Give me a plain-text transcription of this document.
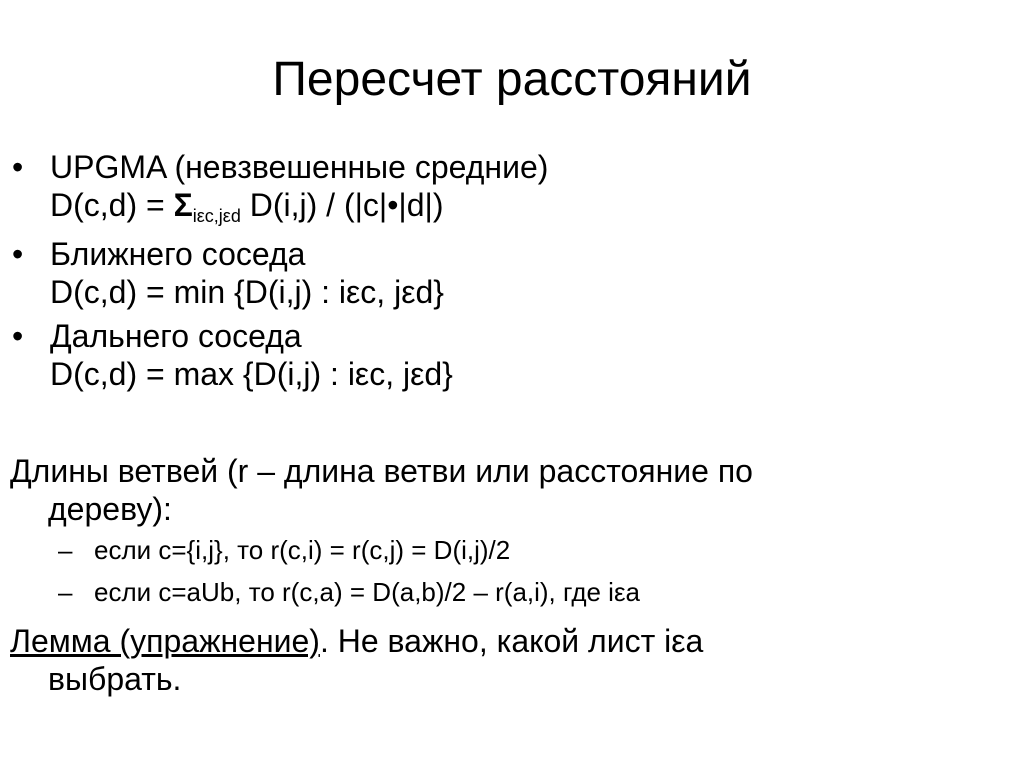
Пересчет расстояний
• UPGMA (невзвешенные средние)
D(c,d) = Σiεc,jεd D(i,j) / (|c|•|d|)
• Ближнего соседа
D(c,d) = min {D(i,j) : iεc, jεd}
• Дальнего соседа
D(c,d) = max {D(i,j) : iεc, jεd}
Длины ветвей (r – длина ветви или расстояние по
дереву):
– если c={i,j}, то r(c,i) = r(c,j) = D(i,j)/2
– если c=aUb, то r(c,a) = D(a,b)/2 – r(a,i), где iεa
Лемма (упражнение). Не важно, какой лист iεa
выбрать.
